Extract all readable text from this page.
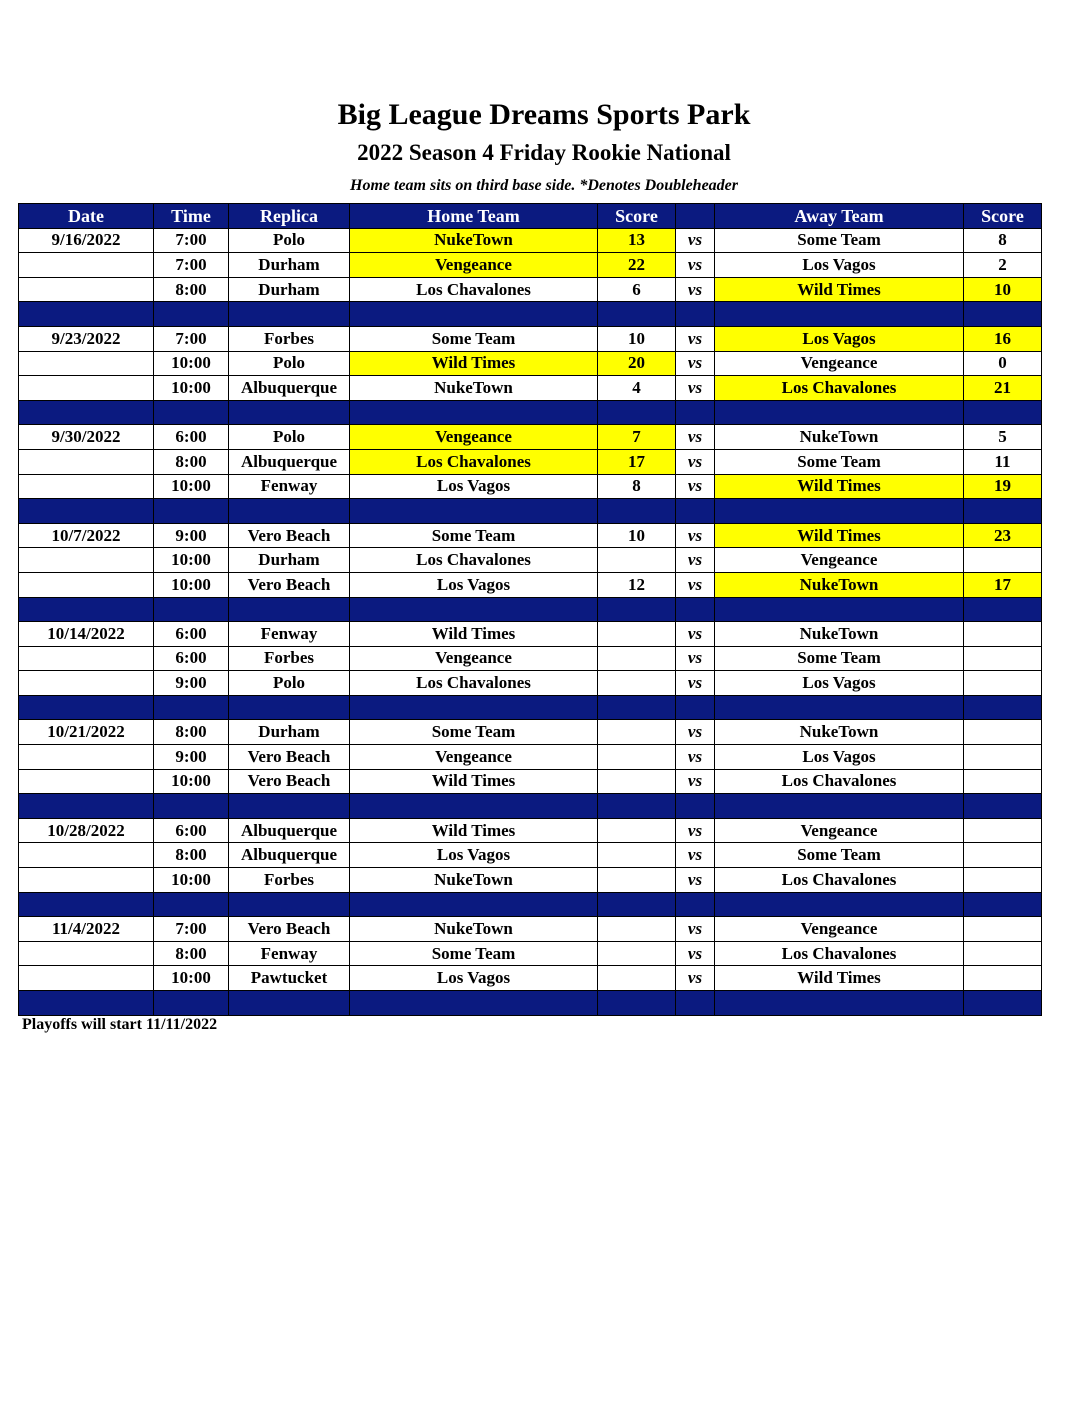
Big League Dreams Sports Park
2022 Season 4 Friday Rookie National
Home team sits on third base side. *Denotes Doubleheader
Date	Time	Replica	Home Team	Score		Away Team	Score
9/16/2022	7:00	Polo	NukeTown	13	vs	Some Team	8
	7:00	Durham	Vengeance	22	vs	Los Vagos	2
	8:00	Durham	Los Chavalones	6	vs	Wild Times	10

9/23/2022	7:00	Forbes	Some Team	10	vs	Los Vagos	16
	10:00	Polo	Wild Times	20	vs	Vengeance	0
	10:00	Albuquerque	NukeTown	4	vs	Los Chavalones	21

9/30/2022	6:00	Polo	Vengeance	7	vs	NukeTown	5
	8:00	Albuquerque	Los Chavalones	17	vs	Some Team	11
	10:00	Fenway	Los Vagos	8	vs	Wild Times	19

10/7/2022	9:00	Vero Beach	Some Team	10	vs	Wild Times	23
	10:00	Durham	Los Chavalones		vs	Vengeance	
	10:00	Vero Beach	Los Vagos	12	vs	NukeTown	17

10/14/2022	6:00	Fenway	Wild Times		vs	NukeTown	
	6:00	Forbes	Vengeance		vs	Some Team	
	9:00	Polo	Los Chavalones		vs	Los Vagos	

10/21/2022	8:00	Durham	Some Team		vs	NukeTown	
	9:00	Vero Beach	Vengeance		vs	Los Vagos	
	10:00	Vero Beach	Wild Times		vs	Los Chavalones	

10/28/2022	6:00	Albuquerque	Wild Times		vs	Vengeance	
	8:00	Albuquerque	Los Vagos		vs	Some Team	
	10:00	Forbes	NukeTown		vs	Los Chavalones	

11/4/2022	7:00	Vero Beach	NukeTown		vs	Vengeance	
	8:00	Fenway	Some Team		vs	Los Chavalones	
	10:00	Pawtucket	Los Vagos		vs	Wild Times	

Playoffs will start 11/11/2022
